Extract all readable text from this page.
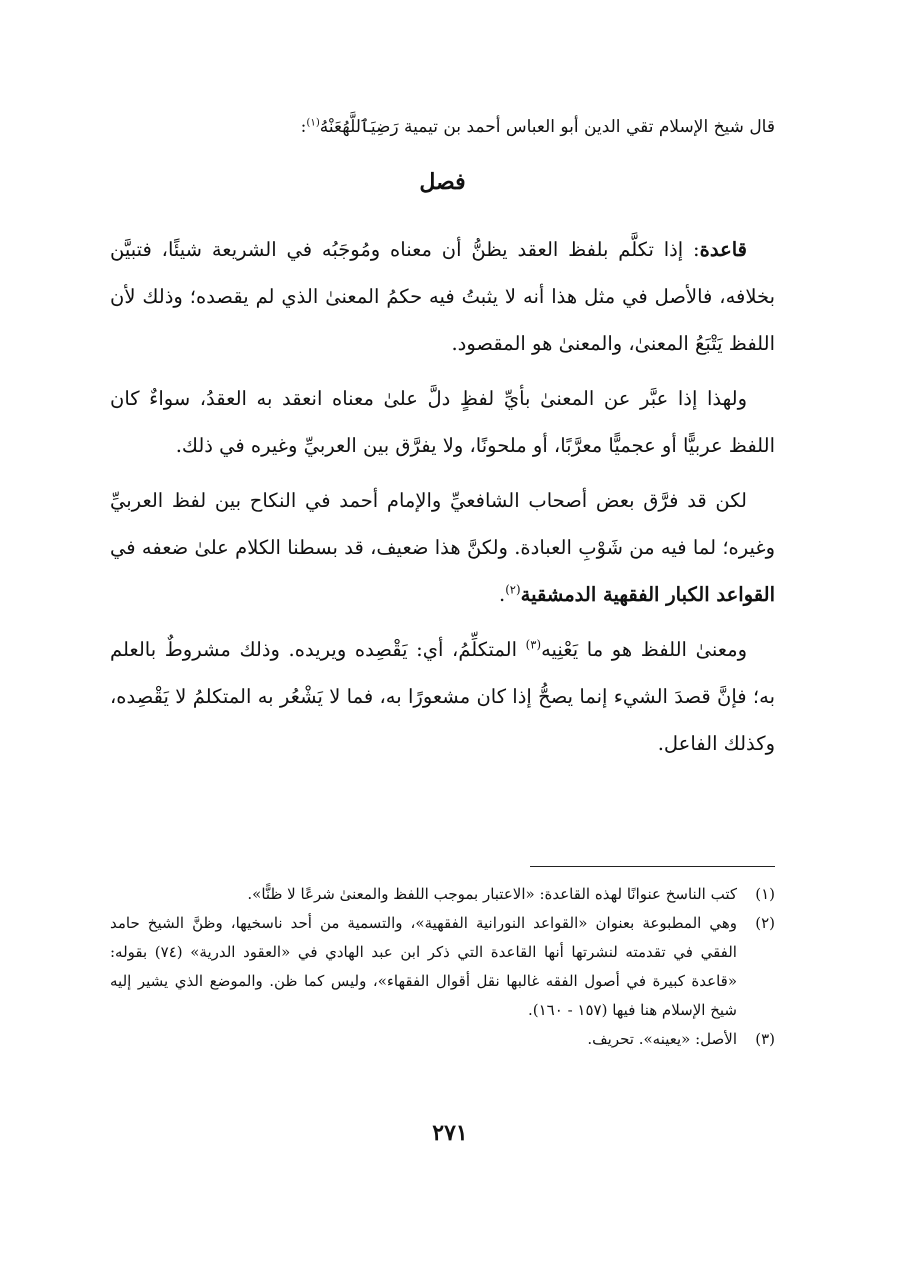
قال شيخ الإسلام تقي الدين أبو العباس أحمد بن تيمية رَضِيَٱللَّهُعَنْهُ$^{(١)}$:

فصل

قاعدة: إذا تكلَّم بلفظ العقد يظنُّ أن معناه ومُوجَبُه في الشريعة شيئًا، فتبيَّن بخلافه، فالأصل في مثل هذا أنه لا يثبتُ فيه حكمُ المعنىٰ الذي لم يقصده؛ وذلك لأن اللفظ يَتْبَعُ المعنىٰ، والمعنىٰ هو المقصود.

ولهذا إذا عبَّر عن المعنىٰ بأيِّ لفظٍ دلَّ علىٰ معناه انعقد به العقدُ، سواءٌ كان اللفظ عربيًّا أو عجميًّا معرَّبًا، أو ملحونًا، ولا يفرَّق بين العربيِّ وغيره في ذلك.

لكن قد فرَّق بعض أصحاب الشافعيِّ والإمام أحمد في النكاح بين لفظ العربيِّ وغيره؛ لما فيه من شَوْبِ العبادة. ولكنَّ هذا ضعيف، قد بسطنا الكلام علىٰ ضعفه في القواعد الكبار الفقهية الدمشقية$^{(٢)}$.

ومعنىٰ اللفظ هو ما يَعْنِيه$^{(٣)}$ المتكلِّمُ، أي: يَقْصِده ويريده. وذلك مشروطٌ بالعلم به؛ فإنَّ قصدَ الشيء إنما يصحُّ إذا كان مشعورًا به، فما لا يَشْعُر به المتكلمُ لا يَقْصِده، وكذلك الفاعل.

(١)
كتب الناسخ عنوانًا لهذه القاعدة: «الاعتبار بموجب اللفظ والمعنىٰ شرعًا لا ظنًّا».
(٢)
وهي المطبوعة بعنوان «القواعد النورانية الفقهية»، والتسمية من أحد ناسخيها، وظنَّ الشيخ حامد الفقي في تقدمته لنشرتها أنها القاعدة التي ذكر ابن عبد الهادي في «العقود الدرية» (٧٤) بقوله: «قاعدة كبيرة في أصول الفقه غالبها نقل أقوال الفقهاء»، وليس كما ظن. والموضع الذي يشير إليه شيخ الإسلام هنا فيها (١٥٧ - ١٦٠).
(٣)
الأصل: «يعينه». تحريف.
٢٧١
